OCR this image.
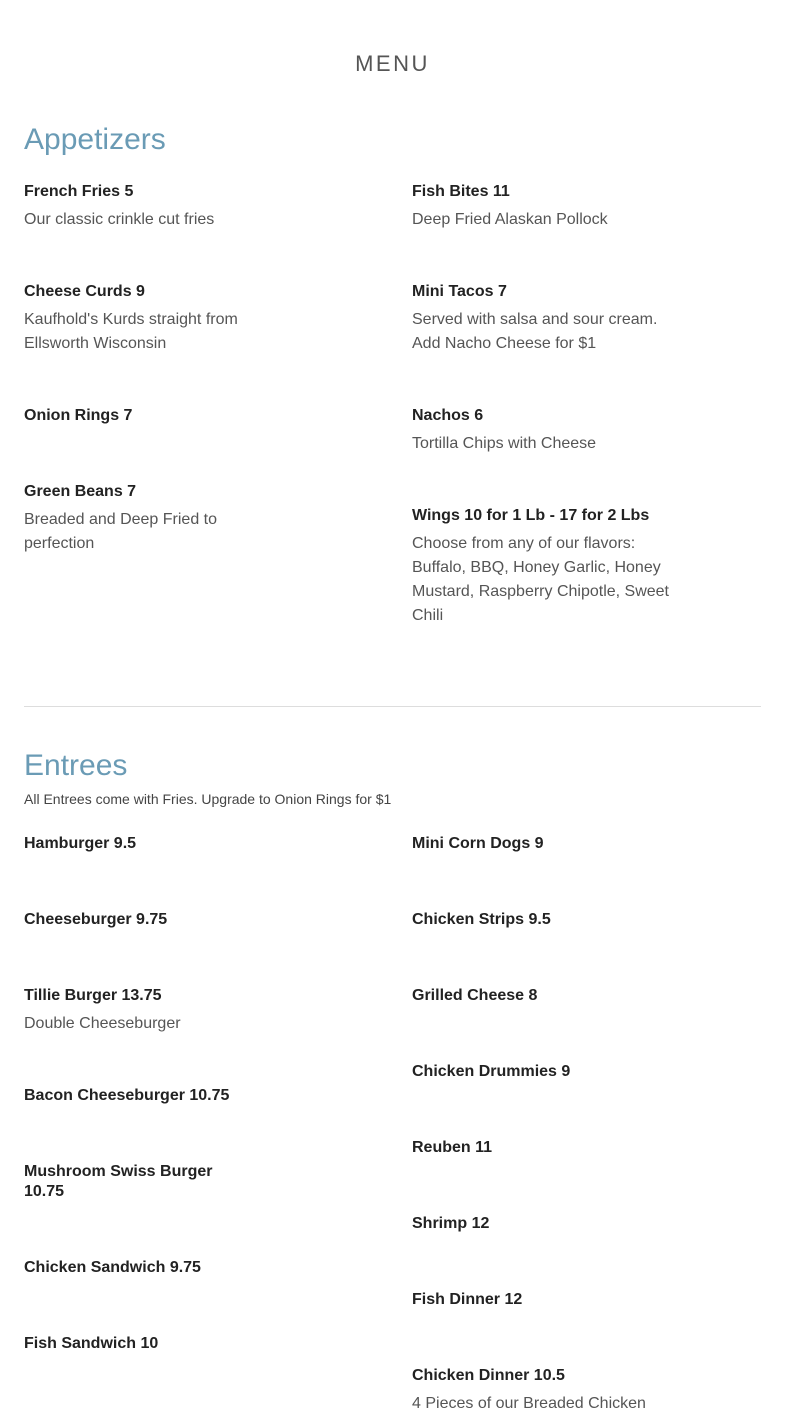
MENU
Appetizers

French Fries 5

Our classic crinkle cut fries

Cheese Curds 9

Kaufhold's Kurds straight from Ellsworth Wisconsin

Onion Rings 7

Green Beans 7

Breaded and Deep Fried to perfection

Fish Bites 11

Deep Fried Alaskan Pollock

Mini Tacos 7

Served with salsa and sour cream. Add Nacho Cheese for $1

Nachos 6

Tortilla Chips with Cheese

Wings 10 for 1 Lb - 17 for 2 Lbs

Choose from any of our flavors: Buffalo, BBQ, Honey Garlic, Honey Mustard, Raspberry Chipotle, Sweet Chili

Entrees

All Entrees come with Fries. Upgrade to Onion Rings for $1

Hamburger 9.5

Cheeseburger 9.75

Tillie Burger 13.75

Double Cheeseburger

Bacon Cheeseburger 10.75

Mushroom Swiss Burger 10.75

Chicken Sandwich 9.75

Fish Sandwich 10

Mini Corn Dogs 9

Chicken Strips 9.5

Grilled Cheese 8

Chicken Drummies 9

Reuben 11

Shrimp 12

Fish Dinner 12

Chicken Dinner 10.5

4 Pieces of our Breaded Chicken
